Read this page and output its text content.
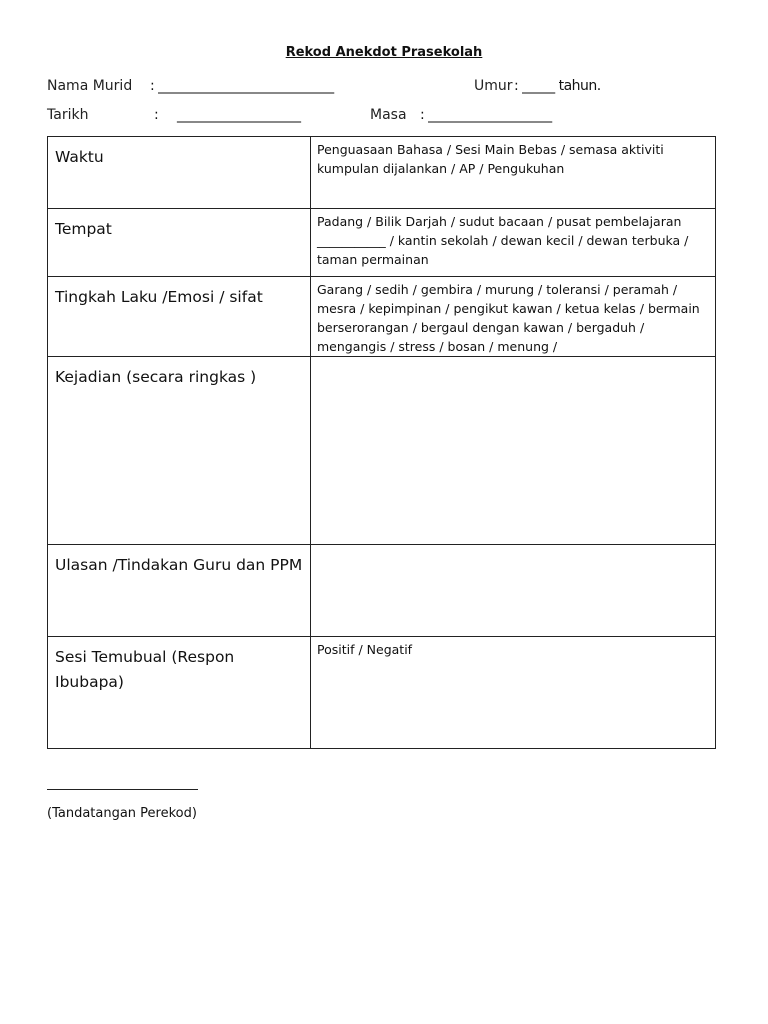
Rekod Anekdot Prasekolah
Nama Murid : ___________________________	Umur : _____ tahun.
Tarikh	: ___________________	Masa : ___________________
Waktu	Penguasaan Bahasa / Sesi Main Bebas / semasa aktiviti kumpulan dijalankan / AP / Pengukuhan
Tempat	Padang / Bilik Darjah / sudut bacaan / pusat pembelajaran ___________ / kantin sekolah / dewan kecil / dewan terbuka / taman permainan
Tingkah Laku /Emosi / sifat	Garang / sedih / gembira / murung / toleransi / peramah / mesra / kepimpinan / pengikut kawan / ketua kelas / bermain berserorangan / bergaul dengan kawan / bergaduh / mengangis / stress / bosan / menung /
Kejadian (secara ringkas )	
Ulasan /Tindakan Guru dan PPM	
Sesi Temubual (Respon Ibubapa)	Positif / Negatif
(Tandatangan Perekod)
